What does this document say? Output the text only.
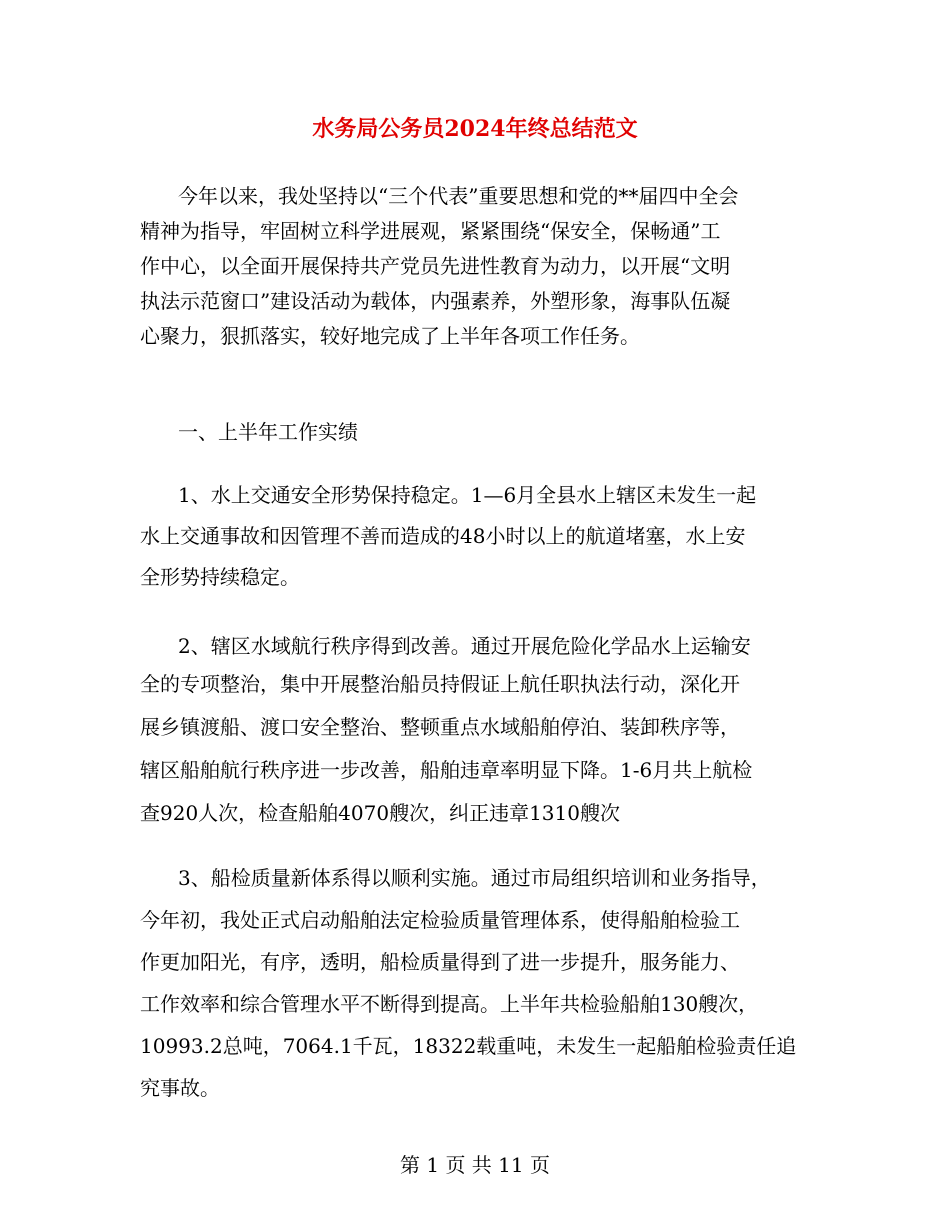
水务局公务员2024年终总结范文

今年以来，我处坚持以“三个代表”重要思想和党的**届四中全会

精神为指导，牢固树立科学进展观，紧紧围绕“保安全，保畅通”工

作中心，以全面开展保持共产党员先进性教育为动力，以开展“文明

执法示范窗口”建设活动为载体，内强素养，外塑形象，海事队伍凝

心聚力，狠抓落实，较好地完成了上半年各项工作任务。

一、上半年工作实绩

1、水上交通安全形势保持稳定。1—6月全县水上辖区未发生一起

水上交通事故和因管理不善而造成的48小时以上的航道堵塞，水上安

全形势持续稳定。

2、辖区水域航行秩序得到改善。通过开展危险化学品水上运输安

全的专项整治，集中开展整治船员持假证上航任职执法行动，深化开

展乡镇渡船、渡口安全整治、整顿重点水域船舶停泊、装卸秩序等，

辖区船舶航行秩序进一步改善，船舶违章率明显下降。1-6月共上航检

查920人次，检查船舶4070艘次，纠正违章1310艘次

3、船检质量新体系得以顺利实施。通过市局组织培训和业务指导，

今年初，我处正式启动船舶法定检验质量管理体系，使得船舶检验工

作更加阳光，有序，透明，船检质量得到了进一步提升，服务能力、

工作效率和综合管理水平不断得到提高。上半年共检验船舶130艘次，

10993.2总吨，7064.1千瓦，18322载重吨，未发生一起船舶检验责任追

究事故。

第 1 页 共 11 页
